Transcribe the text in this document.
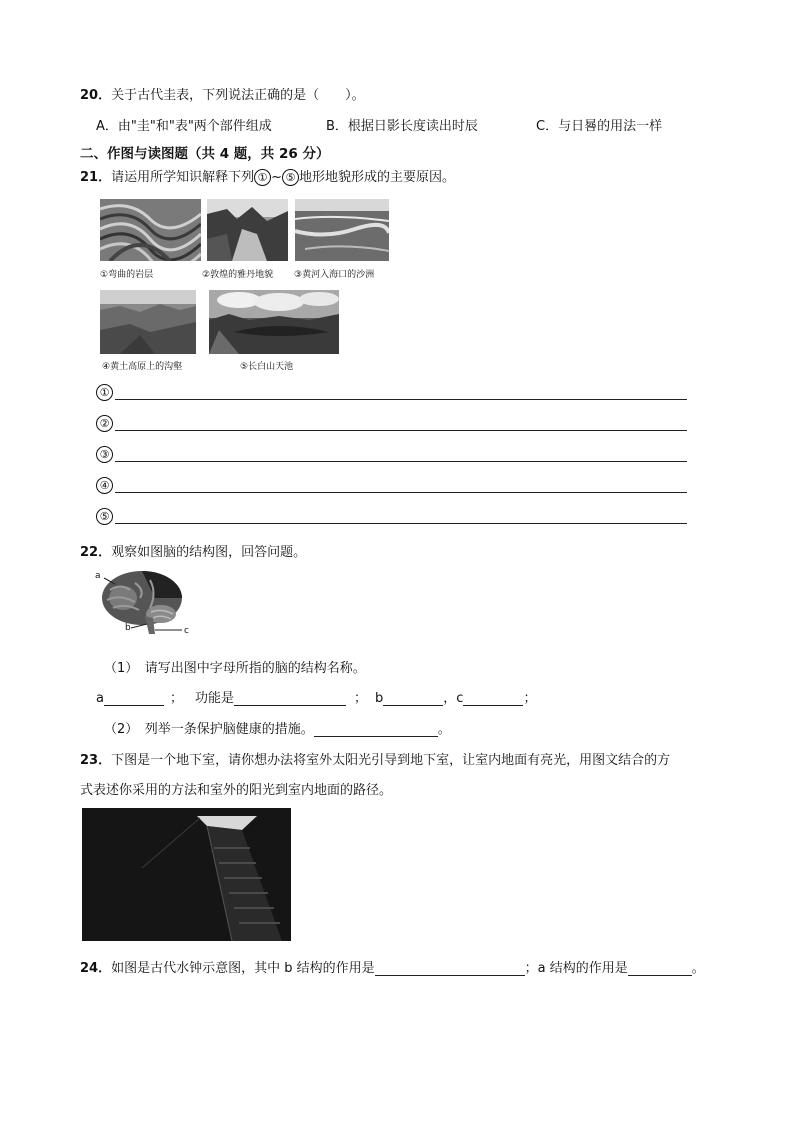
20．关于古代圭表，下列说法正确的是（　　）。
A．由"圭"和"表"两个部件组成	B．根据日影长度读出时辰	C．与日晷的用法一样
二、作图与读图题（共 4 题，共 26 分）
21．请运用所学知识解释下列 ① ~ ⑤ 地形地貌形成的主要原因。
①弯曲的岩层	②敦煌的雅丹地貌 ③黄河入海口的沙洲
④黄土高原上的沟壑	⑤长白山天池
①
②
③
④
⑤
22．观察如图脑的结构图，回答问题。
a
b	c
（1）　请写出图中字母所指的脑的结构名称。
a	； 功能是	； b	，c	；
（2）　列举一条保护脑健康的措施。	。
23．下图是一个地下室，请你想办法将室外太阳光引导到地下室，让室内地面有亮光，用图文结合的方
式表述你采用的方法和室外的阳光到室内地面的路径。
24．如图是古代水钟示意图，其中 b 结构的作用是	；a 结构的作用是	。
